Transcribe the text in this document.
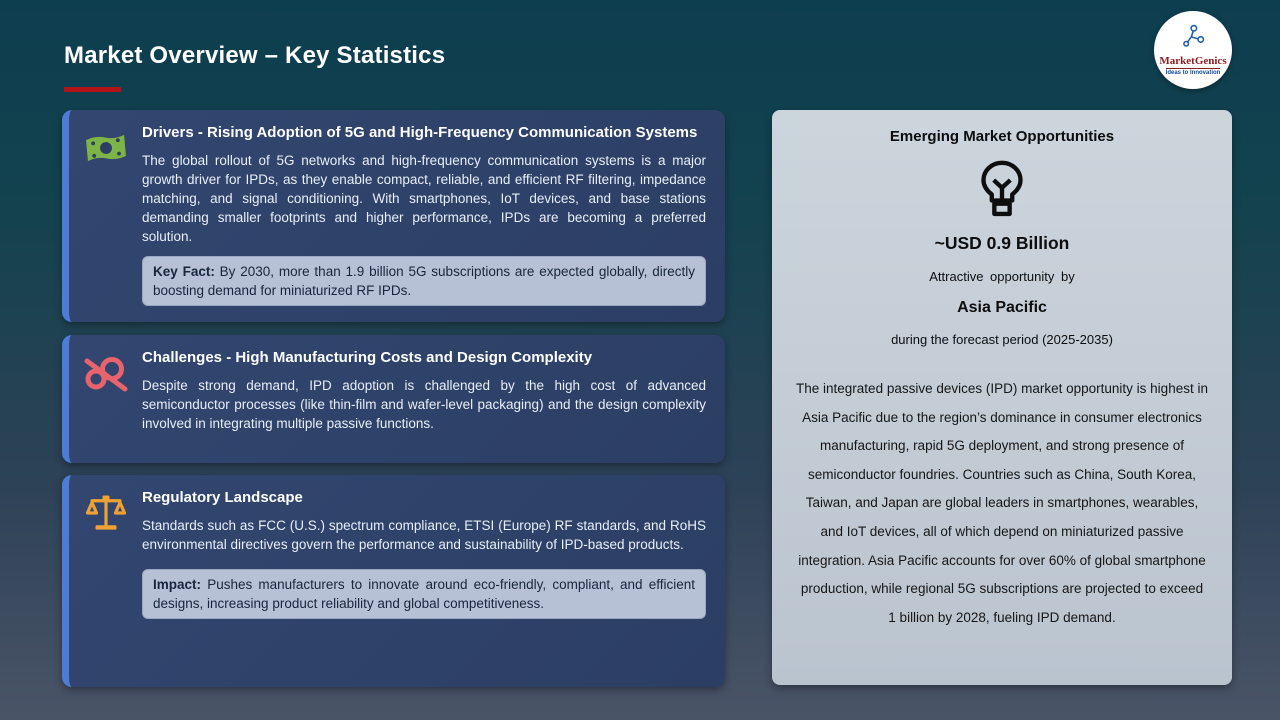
Market Overview – Key Statistics	MarketGenics
Ideas to Innovation
Drivers - Rising Adoption of 5G and High-Frequency Communication Systems

The global rollout of 5G networks and high-frequency communication systems is a major growth driver for IPDs, as they enable compact, reliable, and efficient RF filtering, impedance matching, and signal conditioning. With smartphones, IoT devices, and base stations demanding smaller footprints and higher performance, IPDs are becoming a preferred solution.

Key Fact: By 2030, more than 1.9 billion 5G subscriptions are expected globally, directly boosting demand for miniaturized RF IPDs.
Challenges - High Manufacturing Costs and Design Complexity

Despite strong demand, IPD adoption is challenged by the high cost of advanced semiconductor processes (like thin-film and wafer-level packaging) and the design complexity involved in integrating multiple passive functions.

Regulatory Landscape

Standards such as FCC (U.S.) spectrum compliance, ETSI (Europe) RF standards, and RoHS environmental directives govern the performance and sustainability of IPD-based products.

Impact: Pushes manufacturers to innovate around eco-friendly, compliant, and efficient designs, increasing product reliability and global competitiveness.
Emerging Market Opportunities
~USD 0.9 Billion
Attractive opportunity by
Asia Pacific
during the forecast period (2025-2035)

The integrated passive devices (IPD) market opportunity is highest in Asia Pacific due to the region’s dominance in consumer electronics manufacturing, rapid 5G deployment, and strong presence of semiconductor foundries. Countries such as China, South Korea, Taiwan, and Japan are global leaders in smartphones, wearables, and IoT devices, all of which depend on miniaturized passive integration. Asia Pacific accounts for over 60% of global smartphone production, while regional 5G subscriptions are projected to exceed 1 billion by 2028, fueling IPD demand.
